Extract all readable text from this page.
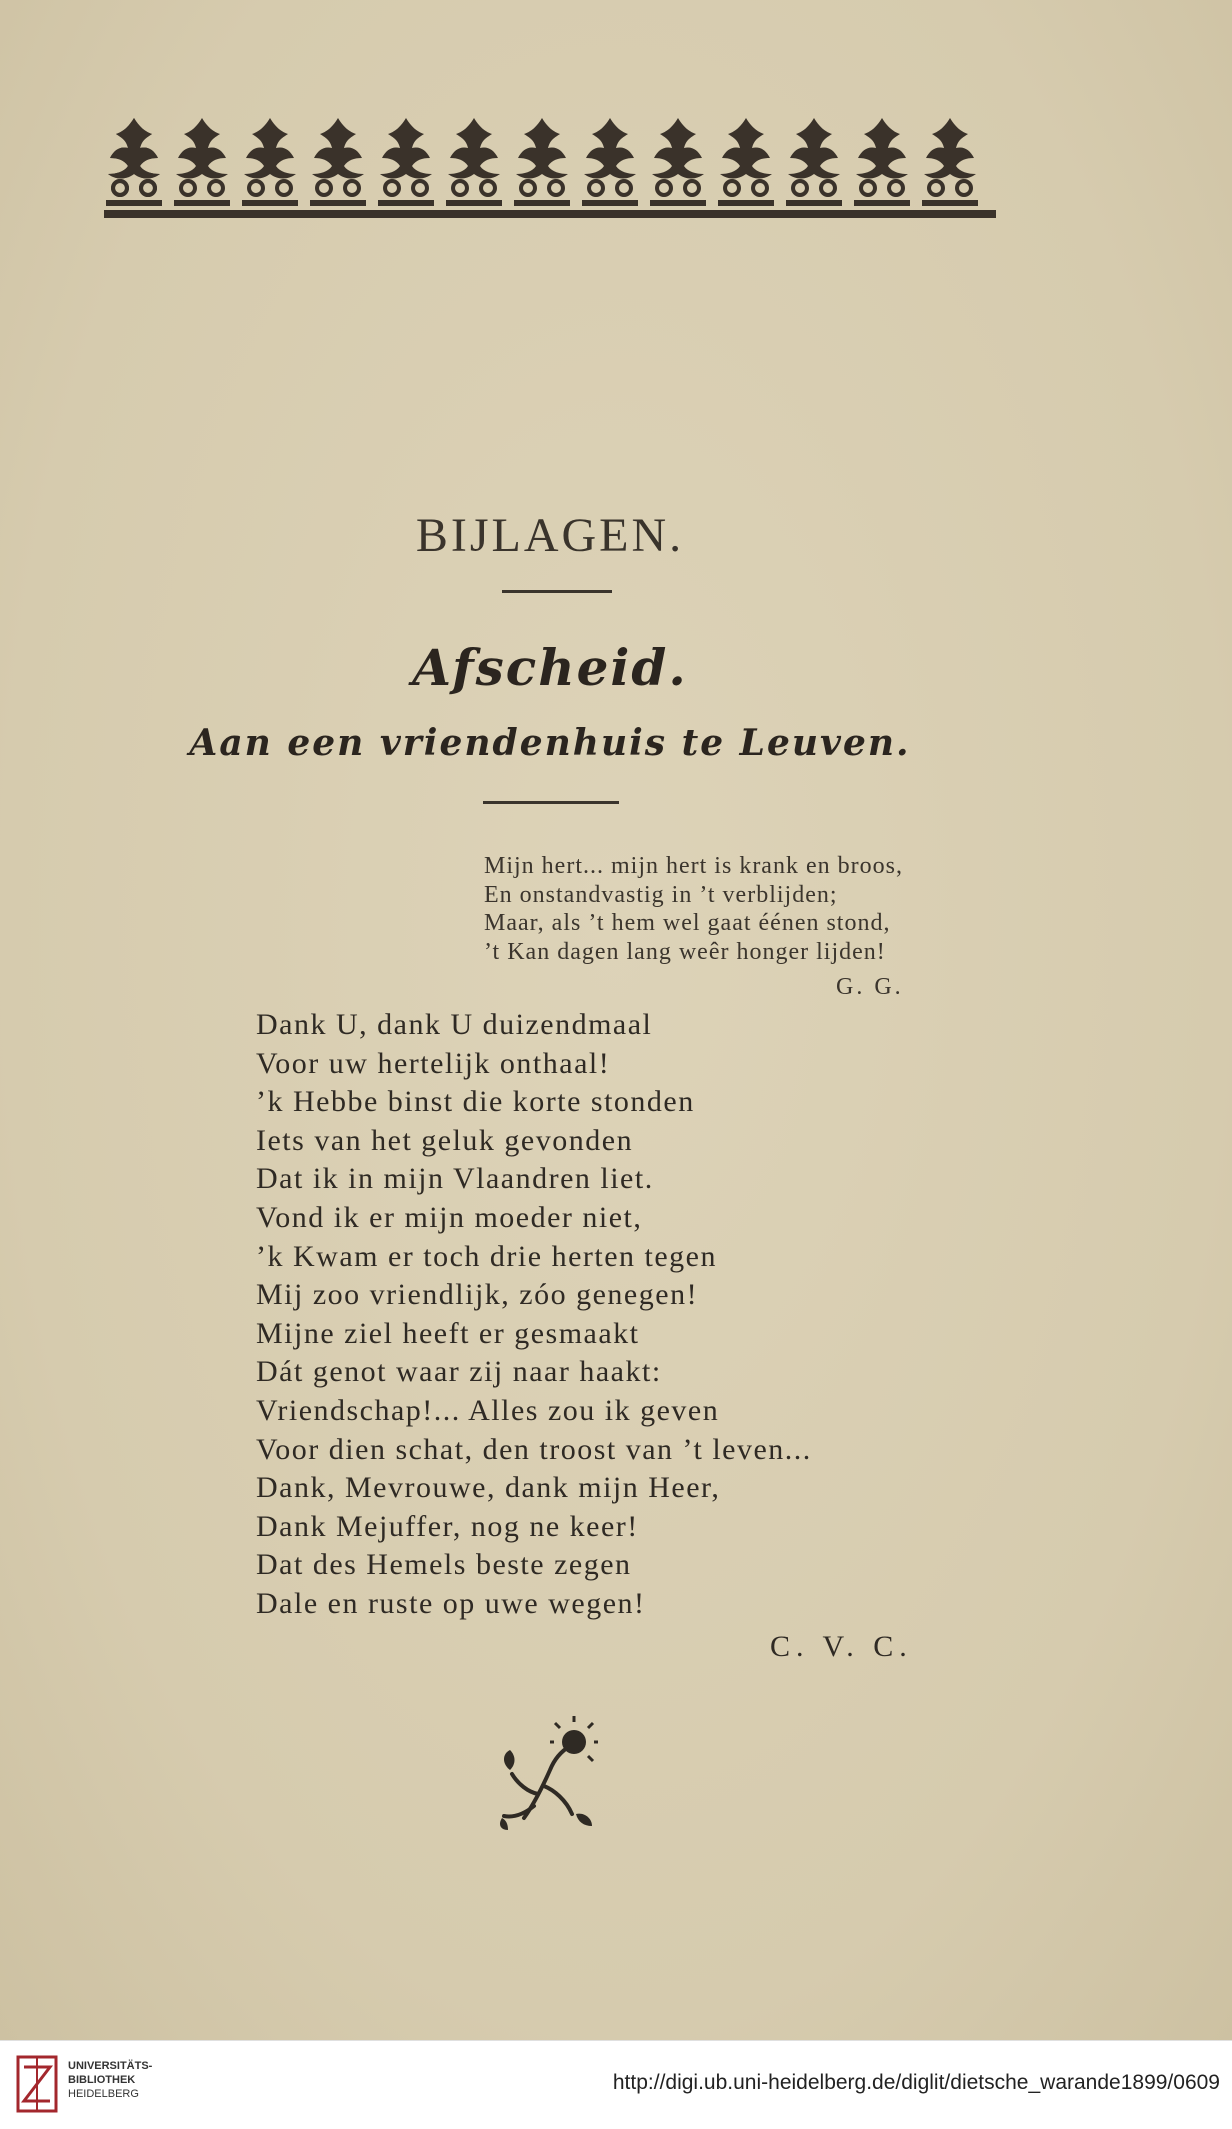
BIJLAGEN.
Afscheid.
Aan een vriendenhuis te Leuven.
Mijn hert... mijn hert is krank en broos,
En onstandvastig in ’t verblijden;
Maar, als ’t hem wel gaat éénen stond,
’t Kan dagen lang weêr honger lijden!
G. G.
Dank U, dank U duizendmaal
Voor uw hertelijk onthaal!
’k Hebbe binst die korte stonden
Iets van het geluk gevonden
Dat ik in mijn Vlaandren liet.
Vond ik er mijn moeder niet,
’k Kwam er toch drie herten tegen
Mij zoo vriendlijk, zóo genegen!
Mijne ziel heeft er gesmaakt
Dát genot waar zij naar haakt:
Vriendschap!... Alles zou ik geven
Voor dien schat, den troost van ’t leven...
Dank, Mevrouwe, dank mijn Heer,
Dank Mejuffer, nog ne keer!
Dat des Hemels beste zegen
Dale en ruste op uwe wegen!
C. V. C.
UNIVERSITÄTS-
BIBLIOTHEK
HEIDELBERG	http://digi.ub.uni-heidelberg.de/diglit/dietsche_warande1899/0609
